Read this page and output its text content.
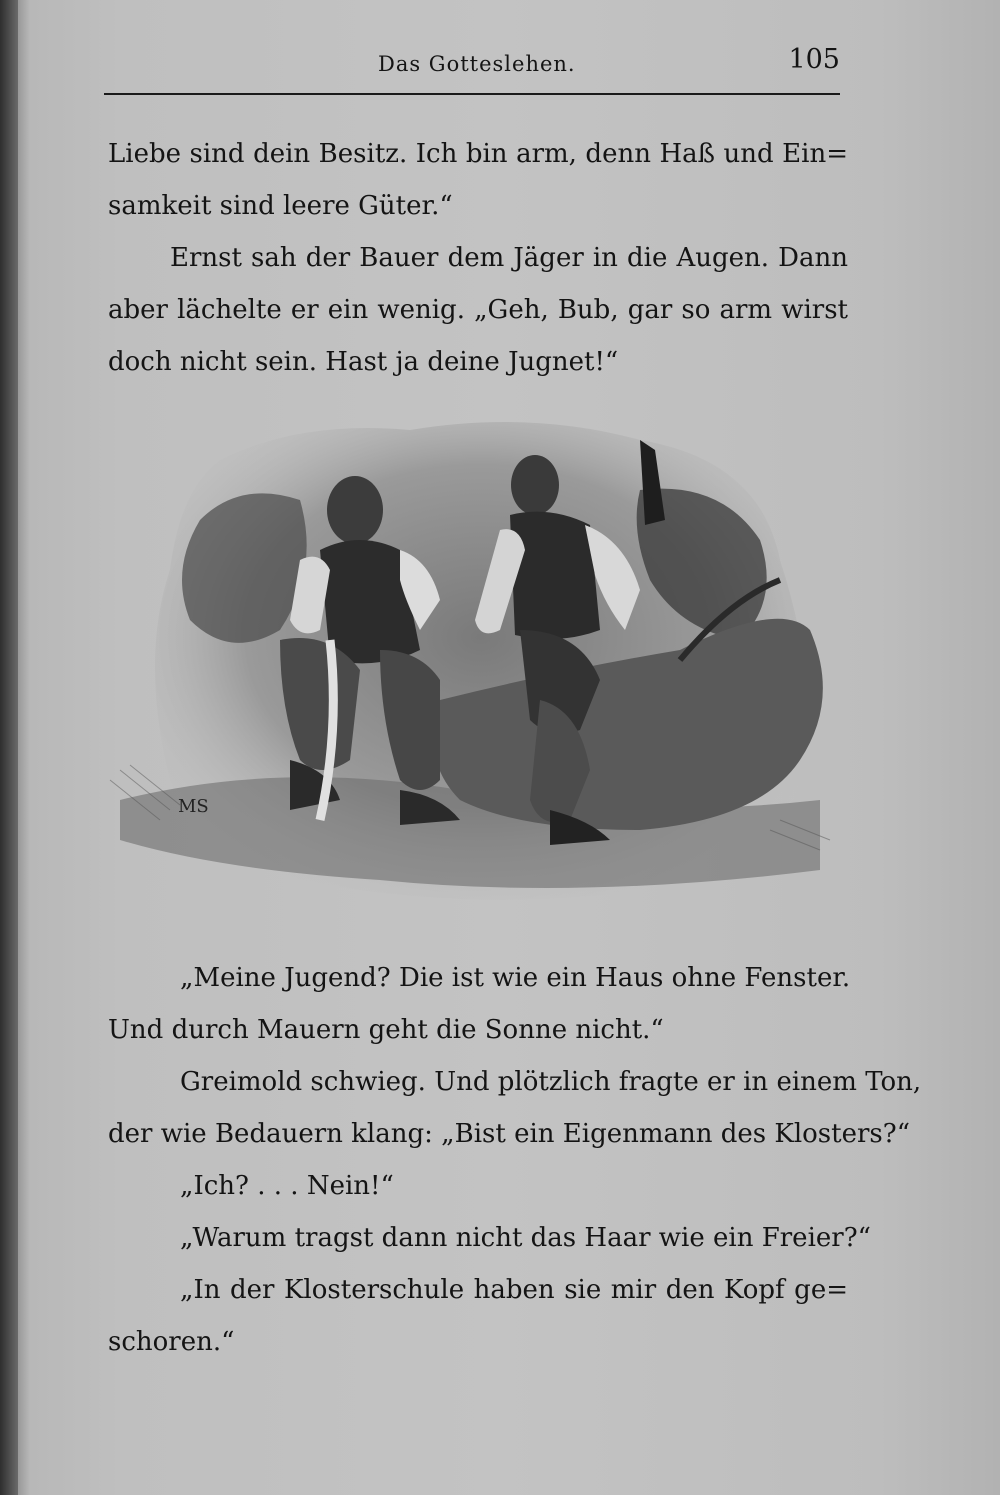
Das Gotteslehen.	105
Liebe sind dein Besitz. Ich bin arm, denn Haß und Ein=
samkeit sind leere Güter.“
Ernst sah der Bauer dem Jäger in die Augen. Dann
aber lächelte er ein wenig. „Geh, Bub, gar so arm wirst
doch nicht sein. Hast ja deine Jugnet!“
MS
„Meine Jugend? Die ist wie ein Haus ohne Fenster.
Und durch Mauern geht die Sonne nicht.“
Greimold schwieg. Und plötzlich fragte er in einem Ton,
der wie Bedauern klang: „Bist ein Eigenmann des Klosters?“
„Ich? . . . Nein!“
„Warum tragst dann nicht das Haar wie ein Freier?“
„In der Klosterschule haben sie mir den Kopf ge=
schoren.“
